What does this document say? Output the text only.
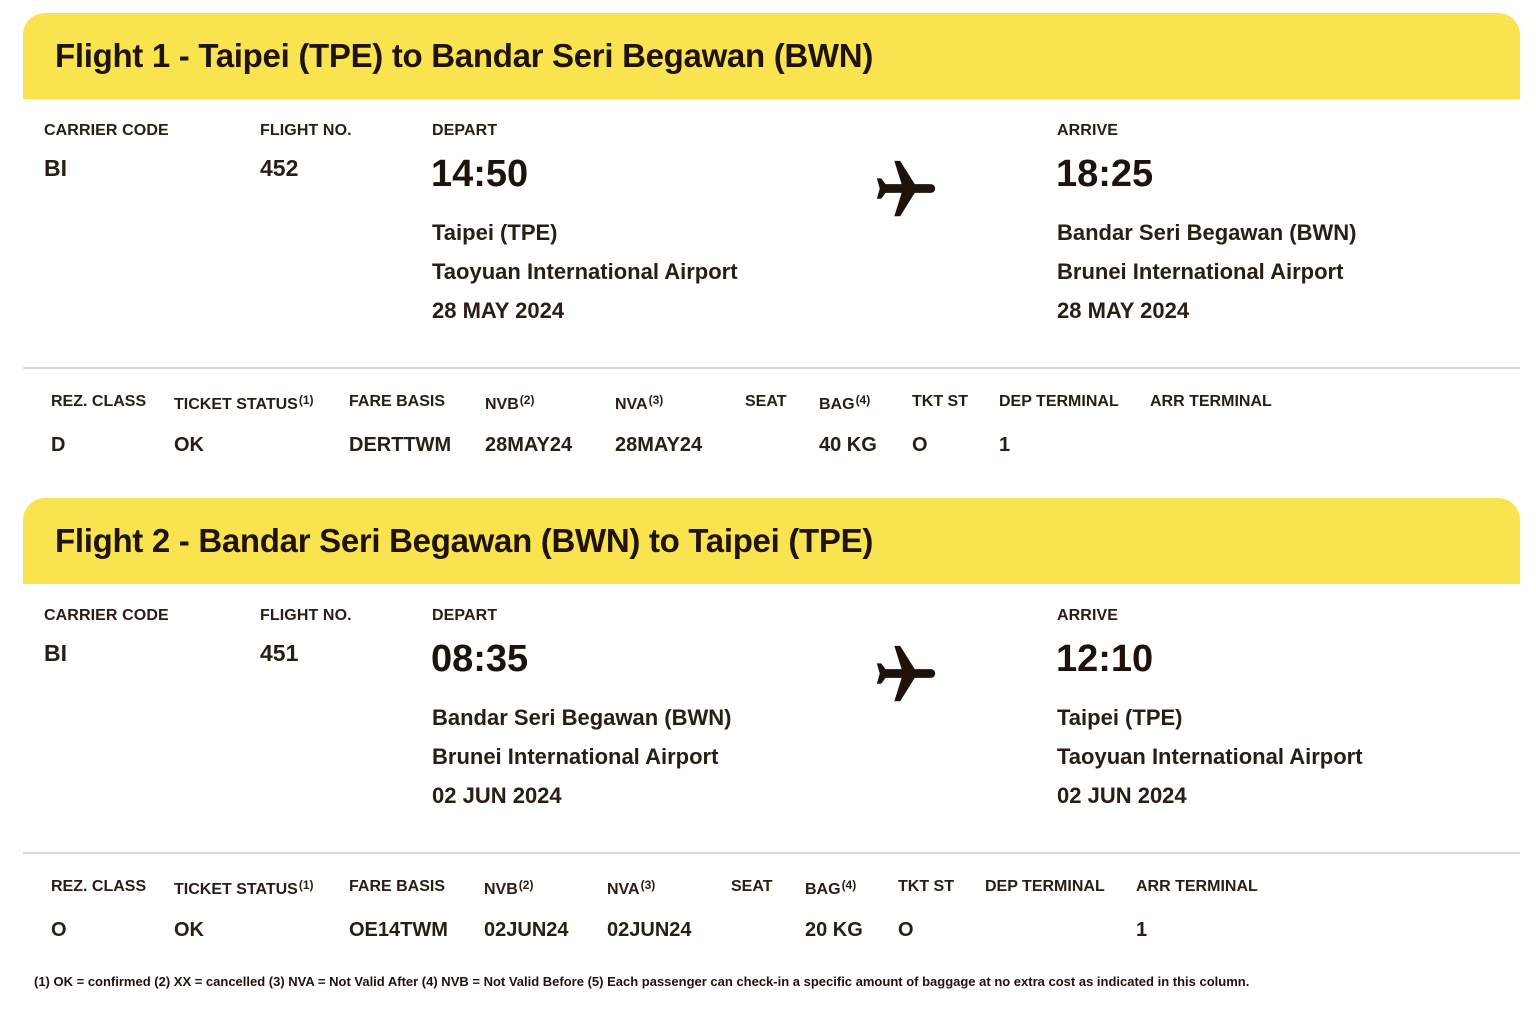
Flight 1 - Taipei (TPE) to Bandar Seri Begawan (BWN)
CARRIER CODE
BI
FLIGHT NO.
452
DEPART
14:50
Taipei (TPE)
Taoyuan International Airport
28 MAY 2024
ARRIVE
18:25
Bandar Seri Begawan (BWN)
Brunei International Airport
28 MAY 2024
REZ. CLASS
D
TICKET STATUS$^{(1)}$
OK
FARE BASIS
DERTTWM
NVB$^{(2)}$
28MAY24
NVA$^{(3)}$
28MAY24
SEAT BAG$^{(4)}$
40 KG
TKT ST
O
DEP TERMINAL
1
ARR TERMINAL
Flight 2 - Bandar Seri Begawan (BWN) to Taipei (TPE)
CARRIER CODE
BI
FLIGHT NO.
451
DEPART
08:35
Bandar Seri Begawan (BWN)
Brunei International Airport
02 JUN 2024
ARRIVE
12:10
Taipei (TPE)
Taoyuan International Airport
02 JUN 2024
REZ. CLASS
O
TICKET STATUS$^{(1)}$
OK
FARE BASIS
OE14TWM
NVB$^{(2)}$
02JUN24
NVA$^{(3)}$
02JUN24
SEAT BAG$^{(4)}$
20 KG
TKT ST
O
DEP TERMINAL ARR TERMINAL
1
(1) OK = confirmed (2) XX = cancelled (3) NVA = Not Valid After (4) NVB = Not Valid Before (5) Each passenger can check-in a specific amount of baggage at no extra cost as indicated in this column.
